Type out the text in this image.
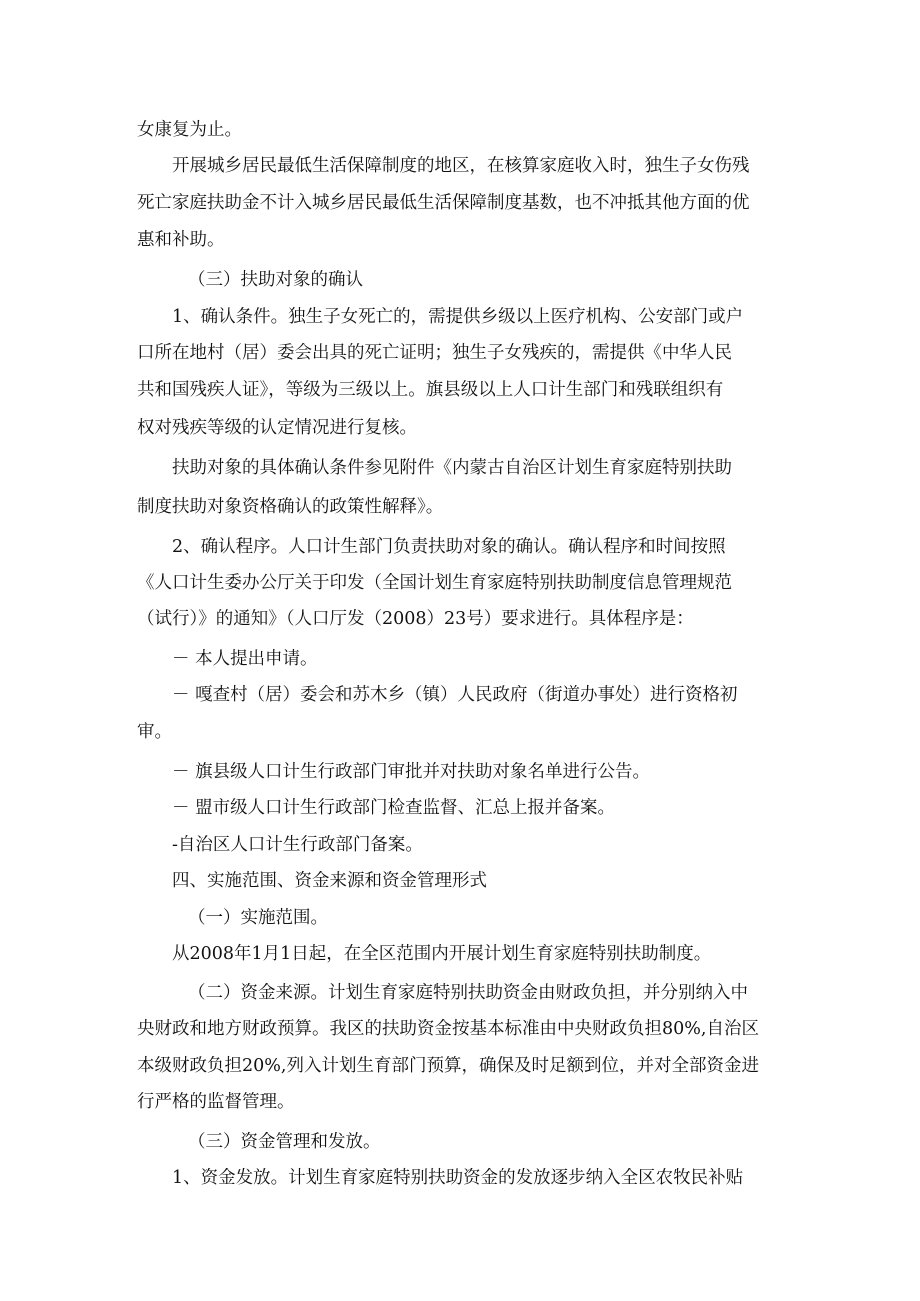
女康复为止。
开展城乡居民最低生活保障制度的地区，在核算家庭收入时，独生子女伤残
死亡家庭扶助金不计入城乡居民最低生活保障制度基数，也不冲抵其他方面的优
惠和补助。
（三）扶助对象的确认
1、确认条件。独生子女死亡的，需提供乡级以上医疗机构、公安部门或户
口所在地村（居）委会出具的死亡证明；独生子女残疾的，需提供《中华人民
共和国残疾人证》，等级为三级以上。旗县级以上人口计生部门和残联组织有
权对残疾等级的认定情况进行复核。
扶助对象的具体确认条件参见附件《内蒙古自治区计划生育家庭特别扶助
制度扶助对象资格确认的政策性解释》。
2、确认程序。人口计生部门负责扶助对象的确认。确认程序和时间按照
《人口计生委办公厅关于印发（全国计划生育家庭特别扶助制度信息管理规范
（试行）》的通知》（人口厅发（2008）23号）要求进行。具体程序是：
－ 本人提出申请。
－ 嘎查村（居）委会和苏木乡（镇）人民政府（街道办事处）进行资格初
审。
－ 旗县级人口计生行政部门审批并对扶助对象名单进行公告。
－ 盟市级人口计生行政部门检查监督、汇总上报并备案。
-自治区人口计生行政部门备案。
四、实施范围、资金来源和资金管理形式
（一）实施范围。
从2008年1月1日起，在全区范围内开展计划生育家庭特别扶助制度。
（二）资金来源。计划生育家庭特别扶助资金由财政负担，并分别纳入中
央财政和地方财政预算。我区的扶助资金按基本标准由中央财政负担80%,自治区
本级财政负担20%,列入计划生育部门预算，确保及时足额到位，并对全部资金进
行严格的监督管理。
（三）资金管理和发放。
1、资金发放。计划生育家庭特别扶助资金的发放逐步纳入全区农牧民补贴
